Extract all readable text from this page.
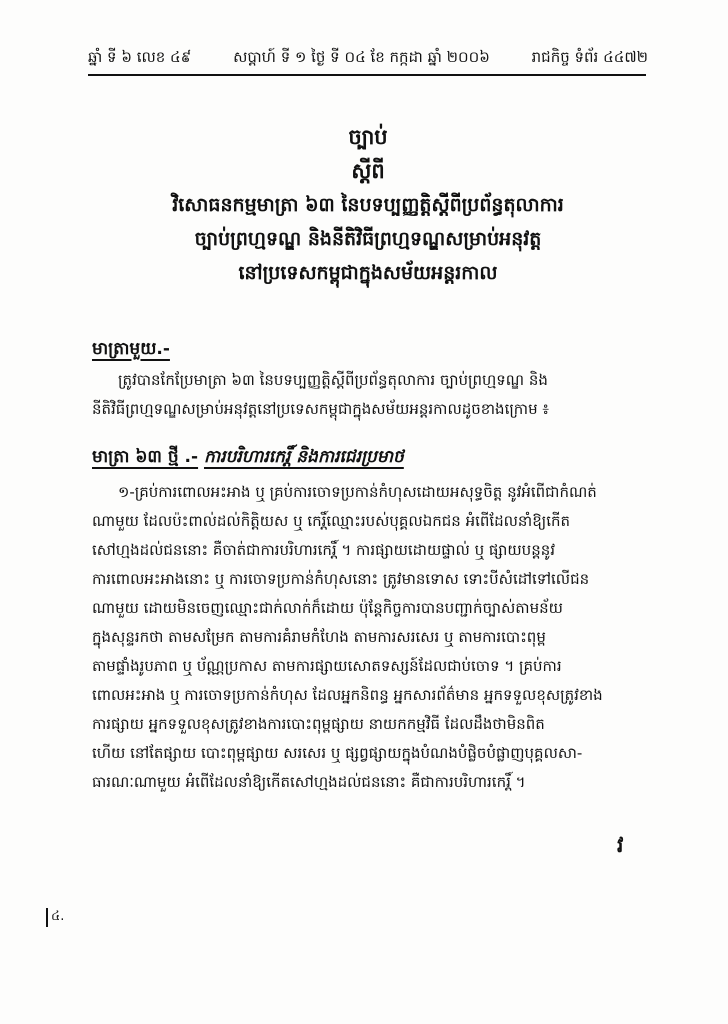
ឆ្នាំ ទី ៦ លេខ ៤៩	សប្តាហ៍ ទី ១ ថ្ងៃ ទី ០៤ ខែ កក្កដា ឆ្នាំ ២០០៦	រាជកិច្ច ទំព័រ ៤៤៧២
ច្បាប់
ស្តីពី
វិសោធនកម្មមាត្រា ៦៣ នៃបទប្បញ្ញត្តិស្តីពីប្រព័ន្ធតុលាការ
ច្បាប់ព្រហ្មទណ្ឌ និងនីតិវិធីព្រហ្មទណ្ឌសម្រាប់អនុវត្ត
នៅប្រទេសកម្ពុជាក្នុងសម័យអន្តរកាល
មាត្រាមួយ.-
ត្រូវបានកែប្រែមាត្រា ៦៣ នៃបទប្បញ្ញត្តិស្តីពីប្រព័ន្ធតុលាការ ច្បាប់ព្រហ្មទណ្ឌ និង
នីតិវិធីព្រហ្មទណ្ឌសម្រាប់អនុវត្តនៅប្រទេសកម្ពុជាក្នុងសម័យអន្តរកាលដូចខាងក្រោម ៖
មាត្រា ៦៣ ថ្មី .- ការបរិហារកេរ្តិ៍ និងការជេរប្រមាថ
១-គ្រប់ការពោលអះអាង ឬ គ្រប់ការចោទប្រកាន់កំហុសដោយអសុទ្ធចិត្ត នូវអំពើជាកំណត់
ណាមួយ ដែលប៉ះពាល់ដល់កិត្តិយស ឬ កេរ្តិ៍ឈ្មោះរបស់បុគ្គលឯកជន អំពើដែលនាំឱ្យកើត
សៅហ្មងដល់ជននោះ គឺចាត់ជាការបរិហារកេរ្តិ៍ ។ ការផ្សាយដោយផ្ទាល់ ឬ ផ្សាយបន្តនូវ
ការពោលអះអាងនោះ ឬ ការចោទប្រកាន់កំហុសនោះ ត្រូវមានទោស ទោះបីសំដៅទៅលើជន
ណាមួយ ដោយមិនចេញឈ្មោះជាក់លាក់ក៏ដោយ ប៉ុន្តែកិច្ចការបានបញ្ជាក់ច្បាស់តាមន័យ
ក្នុងសុន្ទរកថា តាមសម្រែក តាមការគំរាមកំហែង តាមការសរសេរ ឬ តាមការបោះពុម្ព
តាមផ្ទាំងរូបភាព ឬ ប័ណ្ណប្រកាស តាមការផ្សាយសោតទស្សន៍ដែលជាប់ចោទ ។ គ្រប់ការ
ពោលអះអាង ឬ ការចោទប្រកាន់កំហុស ដែលអ្នកនិពន្ធ អ្នកសារព័ត៌មាន អ្នកទទួលខុសត្រូវខាង
ការផ្សាយ អ្នកទទួលខុសត្រូវខាងការបោះពុម្ពផ្សាយ នាយកកម្មវិធី ដែលដឹងថាមិនពិត
ហើយ នៅតែផ្សាយ បោះពុម្ពផ្សាយ សរសេរ ឬ ផ្សព្វផ្សាយក្នុងបំណងបំផ្លិចបំផ្លាញបុគ្គលសា-
ធារណៈណាមួយ អំពើដែលនាំឱ្យកើតសៅហ្មងដល់ជននោះ គឺជាការបរិហារកេរ្តិ៍ ។
វ
៤.
